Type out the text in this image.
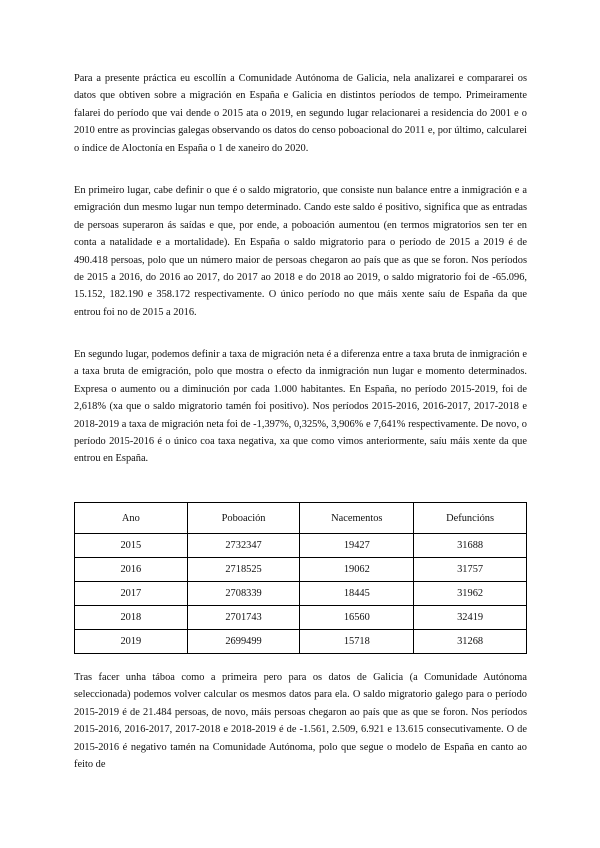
Para a presente práctica eu escollín a Comunidade Autónoma de Galicia, nela analizarei e compararei os datos que obtiven sobre a migración en España e Galicia en distintos períodos de tempo. Primeiramente falarei do período que vai dende o 2015 ata o 2019, en segundo lugar relacionarei a residencia do 2001 e o 2010 entre as provincias galegas observando os datos do censo poboacional do 2011 e, por último, calcularei o índice de Aloctonía en España o 1 de xaneiro do 2020.

En primeiro lugar, cabe definir o que é o saldo migratorio, que consiste nun balance entre a inmigración e a emigración dun mesmo lugar nun tempo determinado. Cando este saldo é positivo, significa que as entradas de persoas superaron ás saídas e que, por ende, a poboación aumentou (en termos migratorios sen ter en conta a natalidade e a mortalidade). En España o saldo migratorio para o período de 2015 a 2019 é de 490.418 persoas, polo que un número maior de persoas chegaron ao país que as que se foron. Nos períodos de 2015 a 2016, do 2016 ao 2017, do 2017 ao 2018 e do 2018 ao 2019, o saldo migratorio foi de -65.096, 15.152, 182.190 e 358.172 respectivamente. O único período no que máis xente saíu de España da que entrou foi no de 2015 a 2016.

En segundo lugar, podemos definir a taxa de migración neta é a diferenza entre a taxa bruta de inmigración e a taxa bruta de emigración, polo que mostra o efecto da inmigración nun lugar e momento determinados. Expresa o aumento ou a diminución por cada 1.000 habitantes. En España, no período 2015-2019, foi de 2,618% (xa que o saldo migratorio tamén foi positivo). Nos períodos 2015-2016, 2016-2017, 2017-2018 e 2018-2019 a taxa de migración neta foi de -1,397%, 0,325%, 3,906% e 7,641% respectivamente. De novo, o período 2015-2016 é o único coa taxa negativa, xa que como vimos anteriormente, saíu máis xente da que entrou en España.

Ano	Poboación	Nacementos	Defuncións
2015	2732347	19427	31688
2016	2718525	19062	31757
2017	2708339	18445	31962
2018	2701743	16560	32419
2019	2699499	15718	31268

Tras facer unha táboa como a primeira pero para os datos de Galicia (a Comunidade Autónoma seleccionada) podemos volver calcular os mesmos datos para ela. O saldo migratorio galego para o período 2015-2019 é de 21.484 persoas, de novo, máis persoas chegaron ao país que as que se foron. Nos períodos 2015-2016, 2016-2017, 2017-2018 e 2018-2019 é de -1.561, 2.509, 6.921 e 13.615 consecutivamente. O de 2015-2016 é negativo tamén na Comunidade Autónoma, polo que segue o modelo de España en canto ao feito de
